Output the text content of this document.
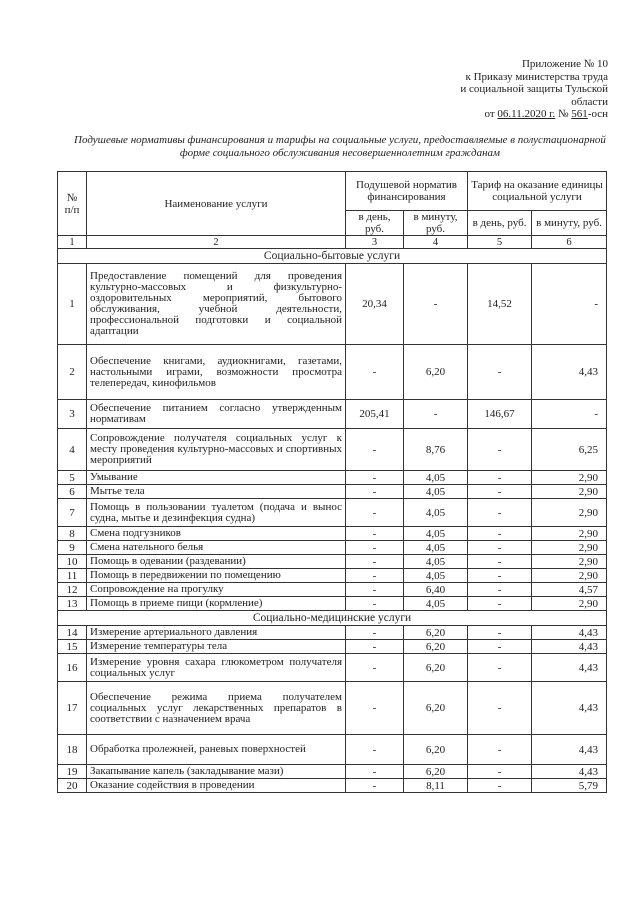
Приложение № 10
к Приказу министерства труда
и социальной защиты Тульской
области
от 06.11.2020 г. № 561-осн
Подушевые нормативы финансирования и тарифы на социальные услуги, предоставляемые в полустационарной форме социального обслуживания несовершеннолетним гражданам
№ п/п	Наименование услуги	Подушевой норматив финансирования		Тариф на оказание единицы социальной услуги	
		в день, руб.	в минуту, руб.	в день, руб.	в минуту, руб.
1	2	3	4	5	6
Социально-бытовые услуги					
1	Предоставление помещений для проведения культурно-массовых и физкультурно-оздоровительных мероприятий, бытового обслуживания, учебной деятельности, профессиональной подготовки и социальной адаптации	20,34	-	14,52	-
2	Обеспечение книгами, аудиокнигами, газетами, настольными играми, возможности просмотра телепередач, кинофильмов	-	6,20	-	4,43
3	Обеспечение питанием согласно утвержденным нормативам	205,41	-	146,67	-
4	Сопровождение получателя социальных услуг к месту проведения культурно-массовых и спортивных мероприятий	-	8,76	-	6,25
5	Умывание	-	4,05	-	2,90
6	Мытье тела	-	4,05	-	2,90
7	Помощь в пользовании туалетом (подача и вынос судна, мытье и дезинфекция судна)	-	4,05	-	2,90
8	Смена подгузников	-	4,05	-	2,90
9	Смена нательного белья	-	4,05	-	2,90
10	Помощь в одевании (раздевании)	-	4,05	-	2,90
11	Помощь в передвижении по помещению	-	4,05	-	2,90
12	Сопровождение на прогулку	-	6,40	-	4,57
13	Помощь в приеме пищи (кормление)	-	4,05	-	2,90
Социально-медицинские услуги					
14	Измерение артериального давления	-	6,20	-	4,43
15	Измерение температуры тела	-	6,20	-	4,43
16	Измерение уровня сахара глюкометром получателя социальных услуг	-	6,20	-	4,43
17	Обеспечение режима приема получателем социальных услуг лекарственных препаратов в соответствии с назначением врача	-	6,20	-	4,43
18	Обработка пролежней, раневых поверхностей	-	6,20	-	4,43
19	Закапывание капель (закладывание мази)	-	6,20	-	4,43
20	Оказание содействия в проведении	-	8,11	-	5,79
